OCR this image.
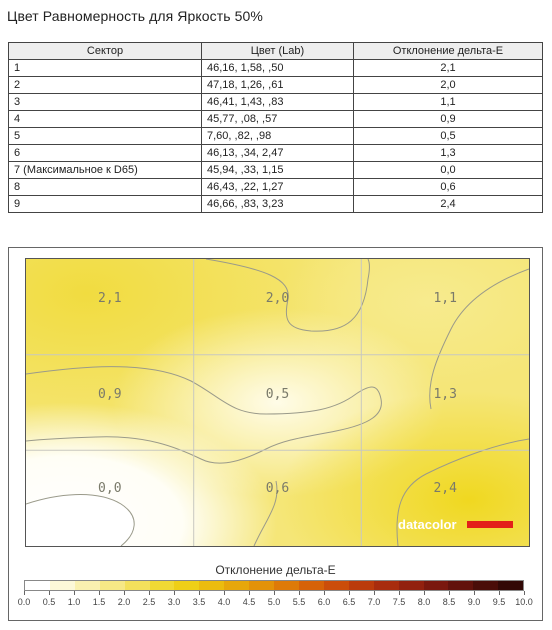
Цвет Равномерность для Яркость 50%
Сектор	Цвет (Lab)	Отклонение дельта-Е
1	46,16, 1,58, ,50	2,1
2	47,18, 1,26, ,61	2,0
3	46,41, 1,43, ,83	1,1
4	45,77, ,08, ,57	0,9
5	7,60, ,82, ,98	0,5
6	46,13, ,34, 2,47	1,3
7 (Максимальное к D65)	45,94, ,33, 1,15	0,0
8	46,43, ,22, 1,27	0,6
9	46,66, ,83, 3,23	2,4
2,1	2,0	1,1
0,9	0,5	1,3
0,0	0,6	2,4
datacolor
Отклонение дельта-Е
0.0 0.5 1.0 1.5 2.0 2.5 3.0 3.5 4.0 4.5 5.0 5.5 6.0 6.5 7.0 7.5 8.0 8.5 9.0 9.5 10.0
